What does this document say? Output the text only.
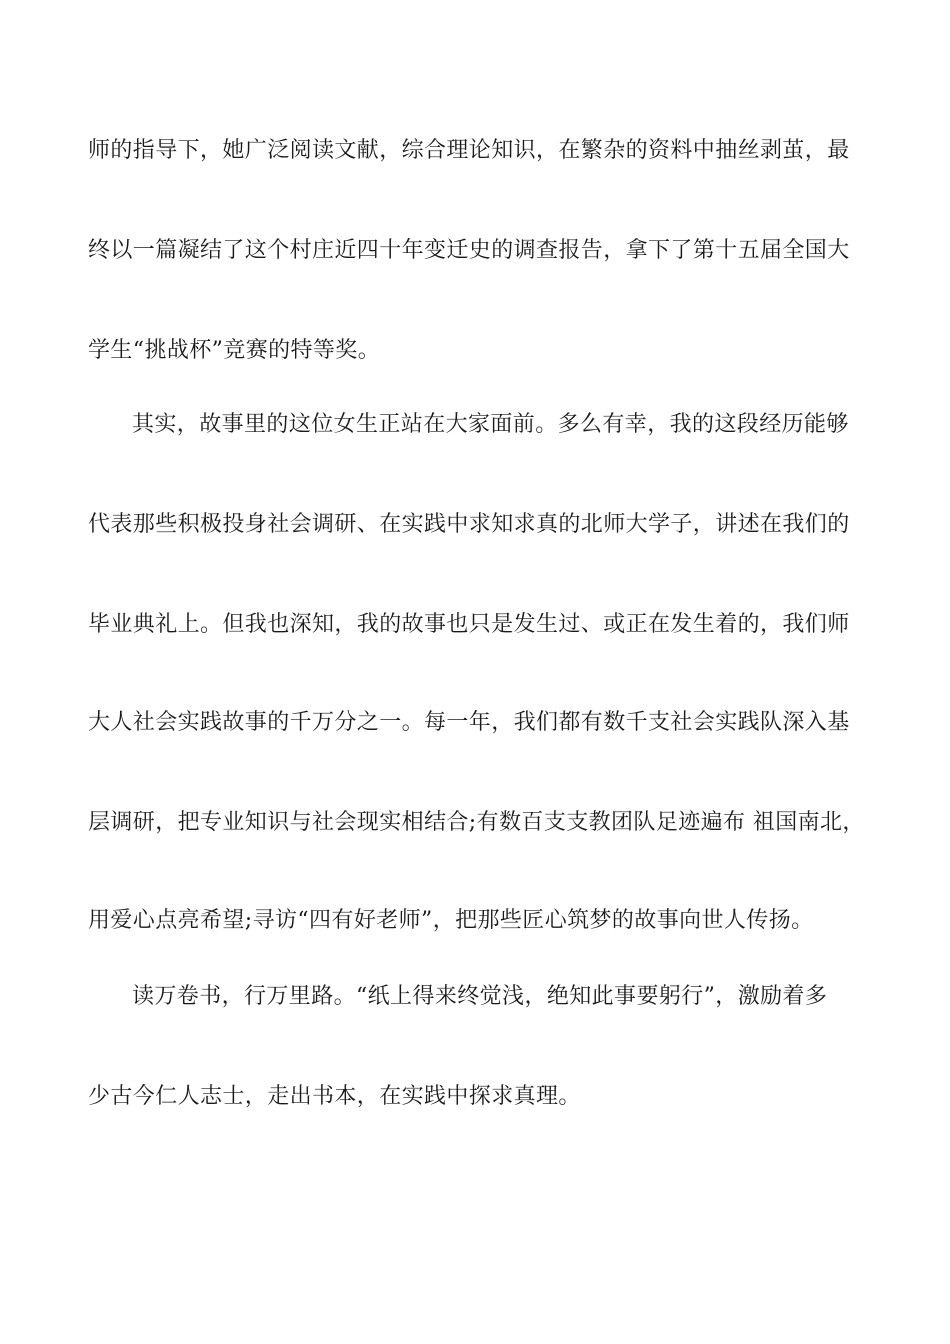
师的指导下，她广泛阅读文献，综合理论知识，在繁杂的资料中抽丝剥茧，最
终以一篇凝结了这个村庄近四十年变迁史的调查报告，拿下了第十五届全国大
学生“挑战杯”竞赛的特等奖。
其实，故事里的这位女生正站在大家面前。多么有幸，我的这段经历能够
代表那些积极投身社会调研、在实践中求知求真的北师大学子，讲述在我们的
毕业典礼上。但我也深知，我的故事也只是发生过、或正在发生着的，我们师
大人社会实践故事的千万分之一。每一年，我们都有数千支社会实践队深入基
层调研，把专业知识与社会现实相结合;有数百支支教团队足迹遍布 祖国南北，
用爱心点亮希望;寻访“四有好老师”，把那些匠心筑梦的故事向世人传扬。
读万卷书，行万里路。“纸上得来终觉浅，绝知此事要躬行”，激励着多
少古今仁人志士，走出书本，在实践中探求真理。
